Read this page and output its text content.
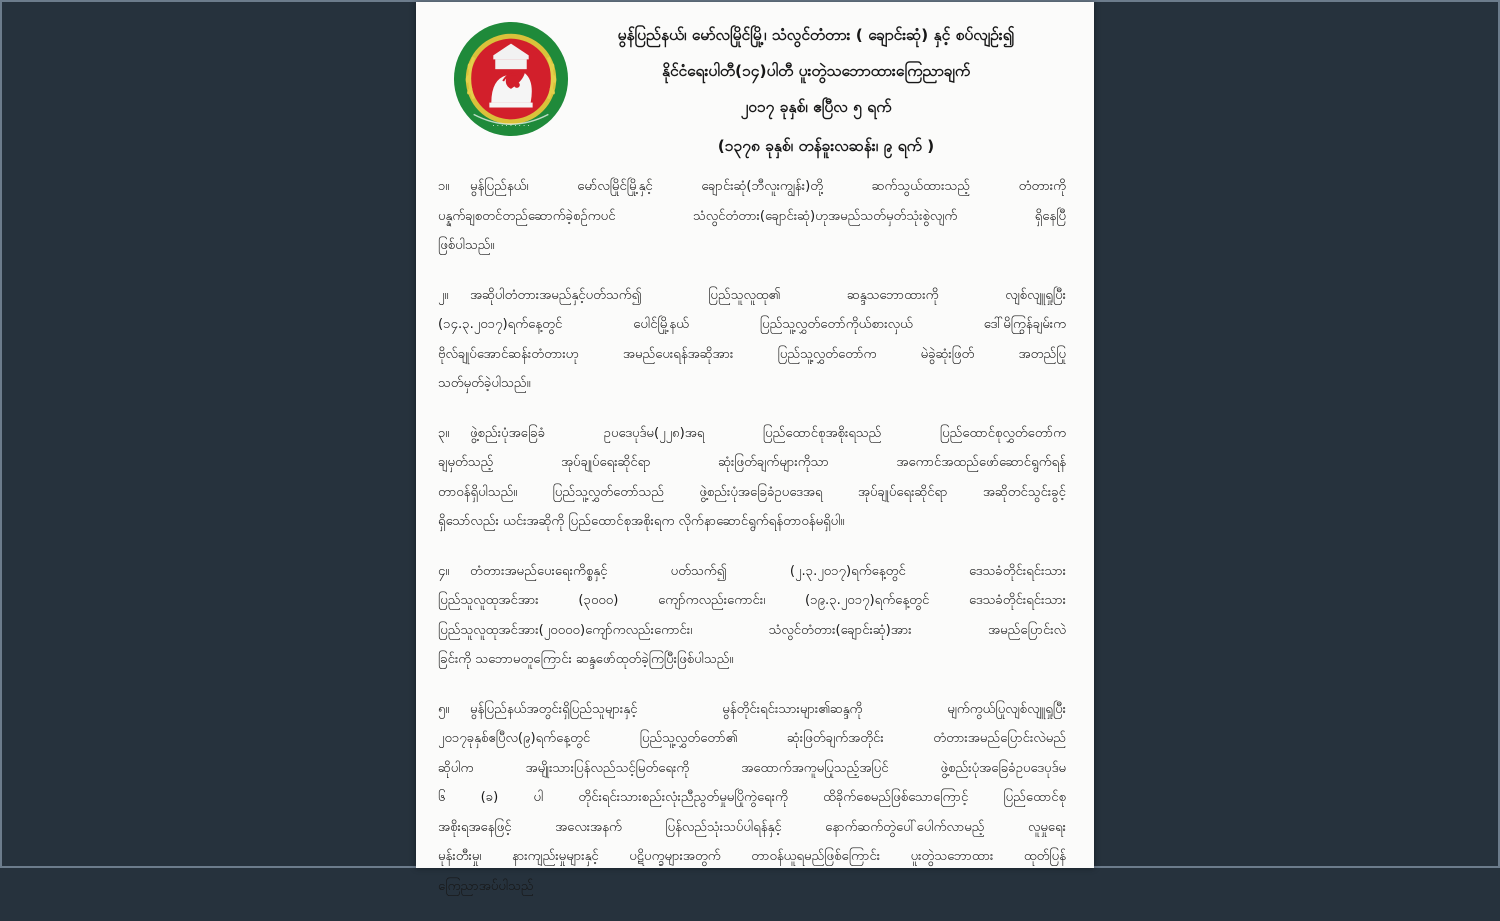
· · · · · · · · ·
မွန်ပြည်နယ်၊ မော်လမြိုင်မြို့၊ သံလွင်တံတား ( ချောင်းဆုံ) နှင့် စပ်လျဥ်း၍
နိုင်ငံရေးပါတီ(၁၄)ပါတီ ပူးတွဲသဘောထားကြေညာချက်
၂၀၁၇ ခုနှစ်၊ ဧပြီလ ၅ ရက်
(၁၃၇၈ ခုနှစ်၊ တန်ခူးလဆန်း၊ ၉ ရက် )
၁။ မွန်ပြည်နယ်၊ မော်လမြိုင်မြို့နှင့် ချောင်းဆုံ(ဘီလူးကျွန်း)တို့ ဆက်သွယ်ထားသည့် တံတားကို
ပန္နက်ချစတင်တည်ဆောက်ခဲ့စဥ်ကပင် သံလွင်တံတား(ချောင်းဆုံ)ဟုအမည်သတ်မှတ်သုံးစွဲလျက် ရှိနေပြီ
ဖြစ်ပါသည်။
၂။ အဆိုပါတံတားအမည်နှင့်ပတ်သက်၍ ပြည်သူလူထု၏ ဆန္ဒသဘောထားကို လျစ်လျူရှုပြီး
(၁၄.၃.၂၀၁၇)ရက်နေ့တွင် ပေါင်မြို့နယ် ပြည်သူ့လွှတ်တော်ကိုယ်စားလှယ် ဒေါ်မိကြွန်ချမ်းက
ဗိုလ်ချုပ်အောင်ဆန်းတံတားဟု အမည်ပေးရန်အဆိုအား ပြည်သူ့လွှတ်တော်က မဲခွဲဆုံးဖြတ် အတည်ပြု
သတ်မှတ်ခဲ့ပါသည်။
၃။ ဖွဲ့စည်းပုံအခြေခံ ဥပဒေပုဒ်မ(၂၂၈)အရ ပြည်ထောင်စုအစိုးရသည် ပြည်ထောင်စုလွှတ်တော်က
ချမှတ်သည့် အုပ်ချုပ်ရေးဆိုင်ရာ ဆုံးဖြတ်ချက်များကိုသာ အကောင်အထည်ဖော်ဆောင်ရွက်ရန်
တာဝန်ရှိပါသည်။ ပြည်သူ့လွှတ်တော်သည် ဖွဲ့စည်းပုံအခြေခံဥပဒေအရ အုပ်ချုပ်ရေးဆိုင်ရာ အဆိုတင်သွင်းခွင့်
ရှိသော်လည်း ယင်းအဆိုကို ပြည်ထောင်စုအစိုးရက လိုက်နာဆောင်ရွက်ရန်တာဝန်မရှိပါ။
၄။ တံတားအမည်ပေးရေးကိစ္စနှင့် ပတ်သက်၍ (၂.၃.၂၀၁၇)ရက်နေ့တွင် ဒေသခံတိုင်းရင်းသား
ပြည်သူလူထုအင်အား (၃၀၀၀) ကျော်ကလည်းကောင်း၊ (၁၉.၃.၂၀၁၇)ရက်နေ့တွင် ဒေသခံတိုင်းရင်းသား
ပြည်သူလူထုအင်အား(၂၀၀၀၀)ကျော်ကလည်းကောင်း၊ သံလွင်တံတား(ချောင်းဆုံ)အား အမည်ပြောင်းလဲ
ခြင်းကို သဘောမတူကြောင်း ဆန္ဒဖော်ထုတ်ခဲ့ကြပြီးဖြစ်ပါသည်။
၅။ မွန်ပြည်နယ်အတွင်းရှိပြည်သူများနှင့် မွန်တိုင်းရင်းသားများ၏ဆန္ဒကို မျက်ကွယ်ပြုလျစ်လျူရှုပြီး
၂၀၁၇ခုနှစ်ဧပြီလ(၉)ရက်နေ့တွင် ပြည်သူ့လွှတ်တော်၏ ဆုံးဖြတ်ချက်အတိုင်း တံတားအမည်ပြောင်းလဲမည်
ဆိုပါက အမျိုးသားပြန်လည်သင့်မြတ်ရေးကို အထောက်အကူမပြုသည့်အပြင် ဖွဲ့စည်းပုံအခြေခံဥပဒေပုဒ်မ
၆ (ခ) ပါ တိုင်းရင်းသားစည်းလုံးညီညွတ်မှုမပြိုကွဲရေးကို ထိခိုက်စေမည်ဖြစ်သောကြောင့် ပြည်ထောင်စု
အစိုးရအနေဖြင့် အလေးအနက် ပြန်လည်သုံးသပ်ပါရန်နှင့် နောက်ဆက်တွဲပေါ်ပေါက်လာမည့် လူမှုရေး
မုန်းတီးမှု၊ နားကျည်းမှုများနှင့် ပဋိပက္ခများအတွက် တာဝန်ယူရမည်ဖြစ်ကြောင်း ပူးတွဲသဘောထား ထုတ်ပြန်
ကြေညာအပ်ပါသည်
